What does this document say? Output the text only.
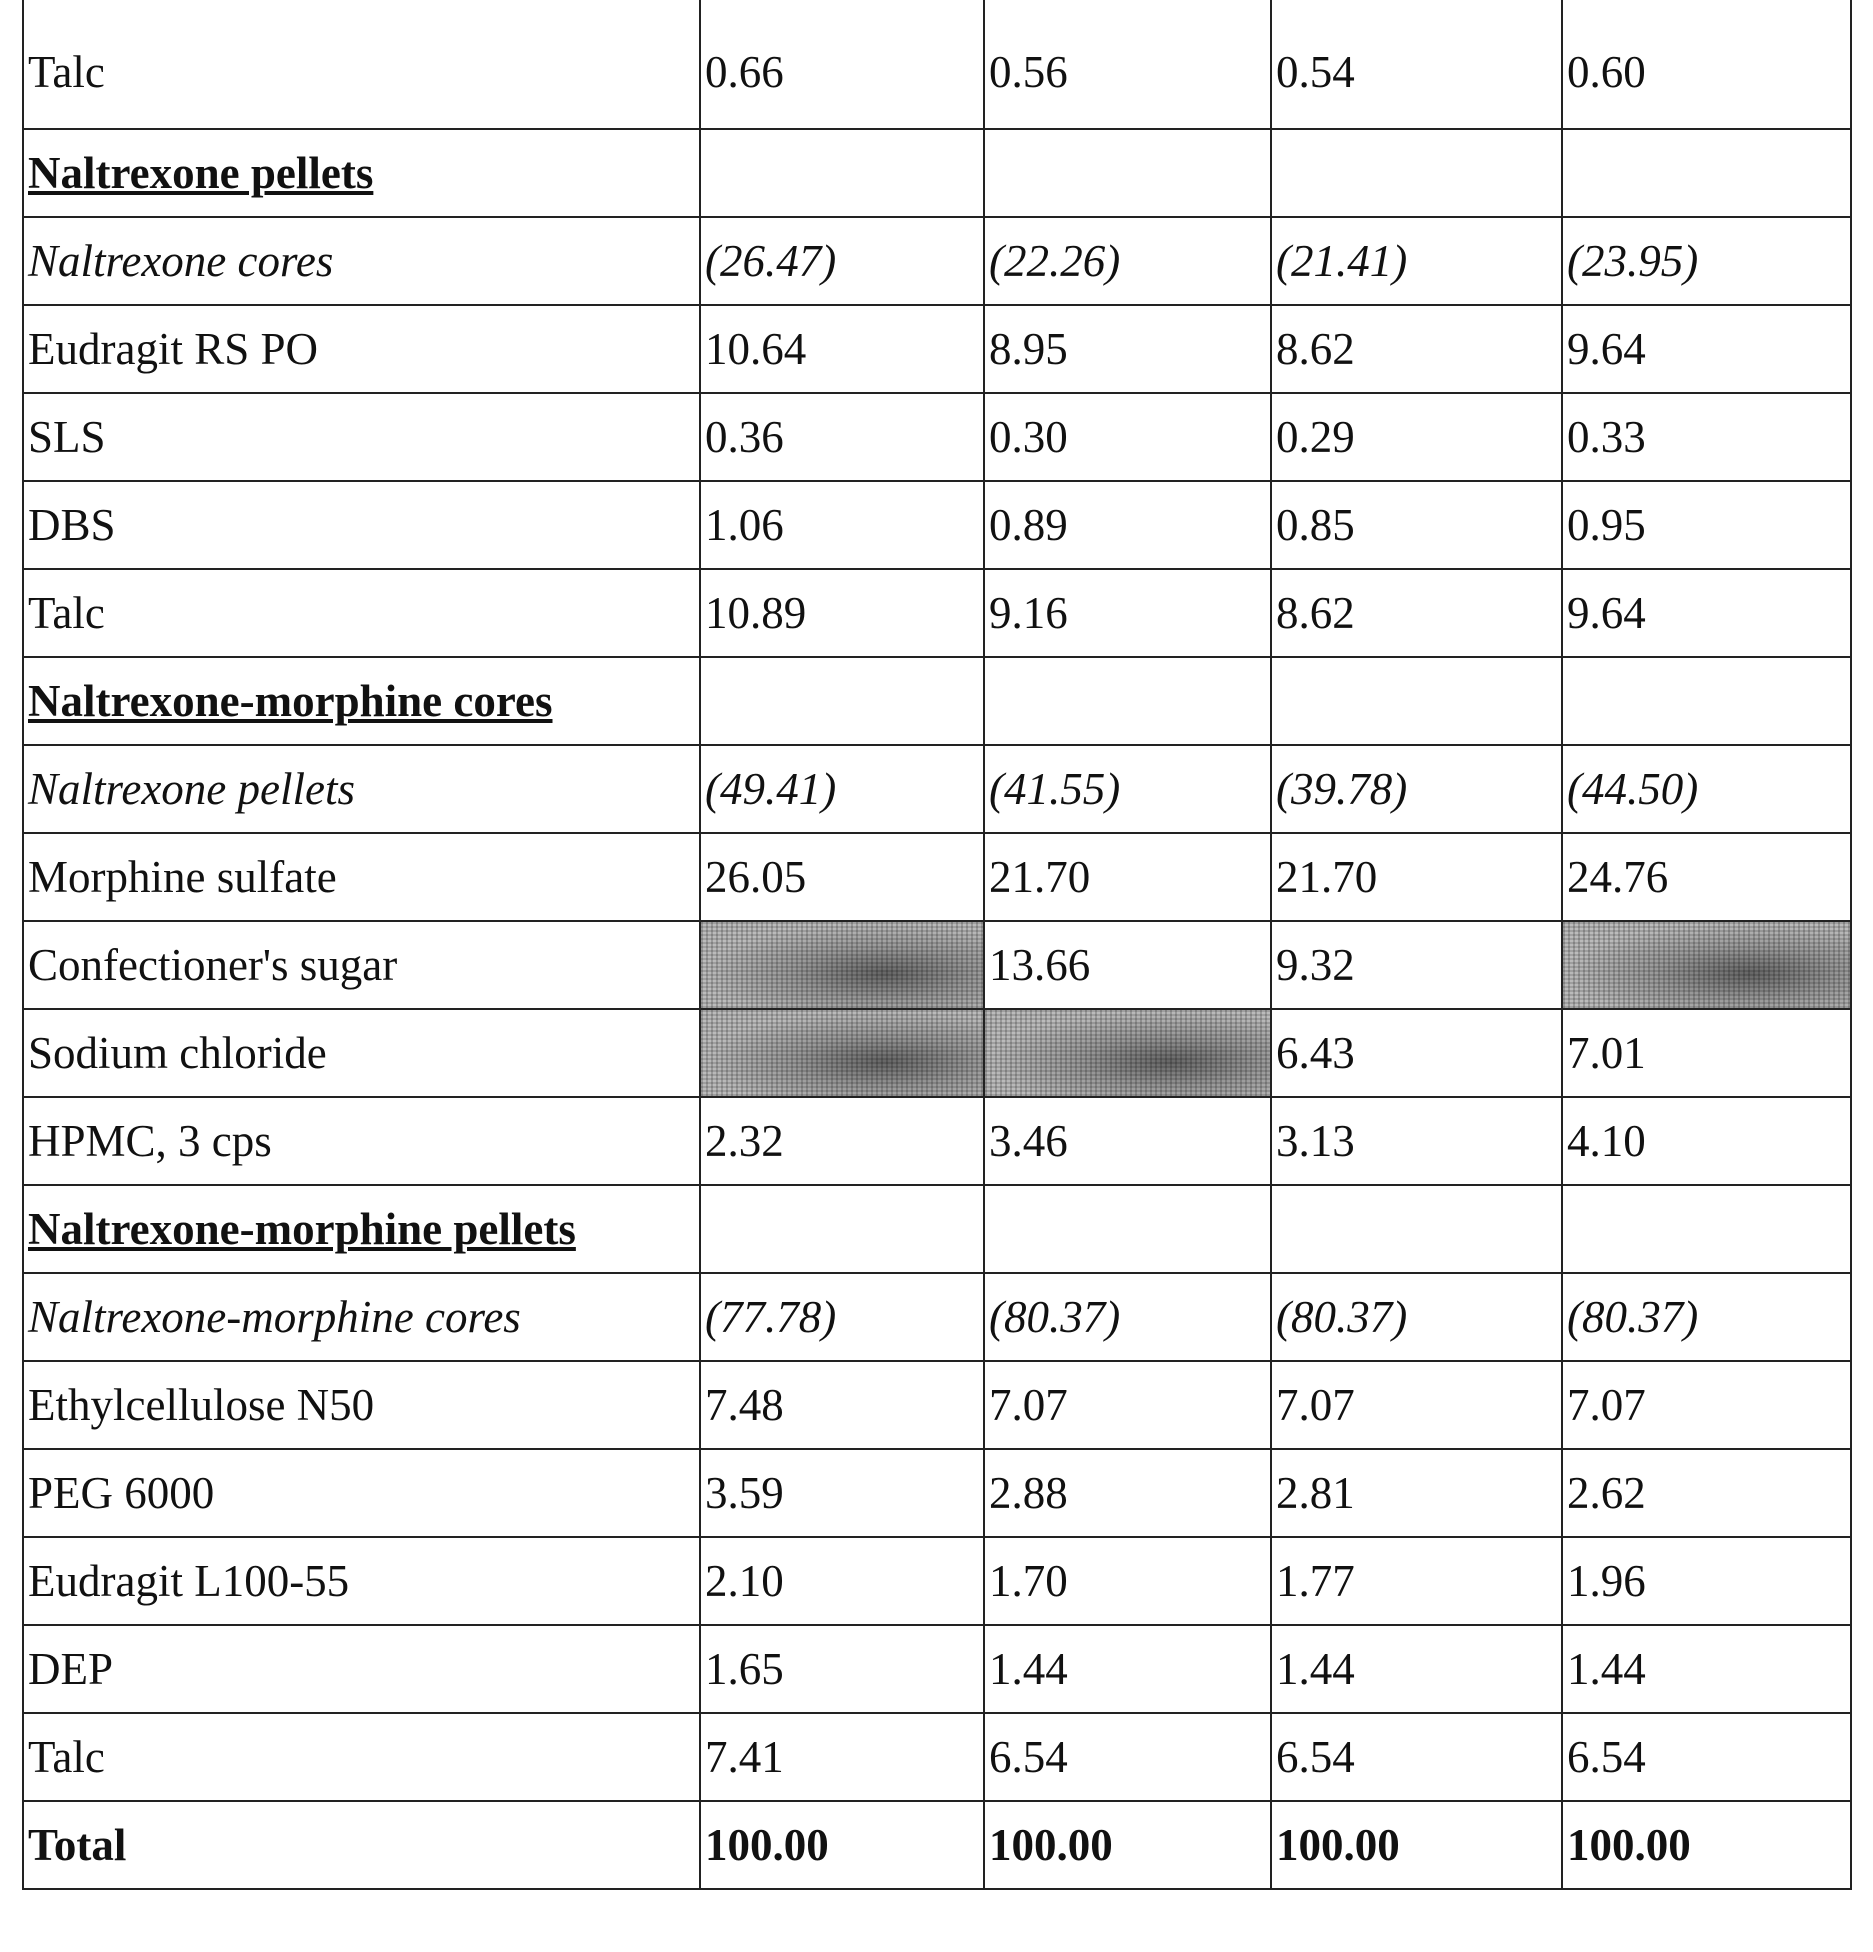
Talc	0.66	0.56	0.54	0.60
Naltrexone pellets				
Naltrexone cores	(26.47)	(22.26)	(21.41)	(23.95)
Eudragit RS PO	10.64	8.95	8.62	9.64
SLS	0.36	0.30	0.29	0.33
DBS	1.06	0.89	0.85	0.95
Talc	10.89	9.16	8.62	9.64
Naltrexone-morphine cores				
Naltrexone pellets	(49.41)	(41.55)	(39.78)	(44.50)
Morphine sulfate	26.05	21.70	21.70	24.76
Confectioner's sugar		13.66	9.32	
Sodium chloride			6.43	7.01
HPMC, 3 cps	2.32	3.46	3.13	4.10
Naltrexone-morphine pellets				
Naltrexone-morphine cores	(77.78)	(80.37)	(80.37)	(80.37)
Ethylcellulose N50	7.48	7.07	7.07	7.07
PEG 6000	3.59	2.88	2.81	2.62
Eudragit L100-55	2.10	1.70	1.77	1.96
DEP	1.65	1.44	1.44	1.44
Talc	7.41	6.54	6.54	6.54
Total	100.00	100.00	100.00	100.00
